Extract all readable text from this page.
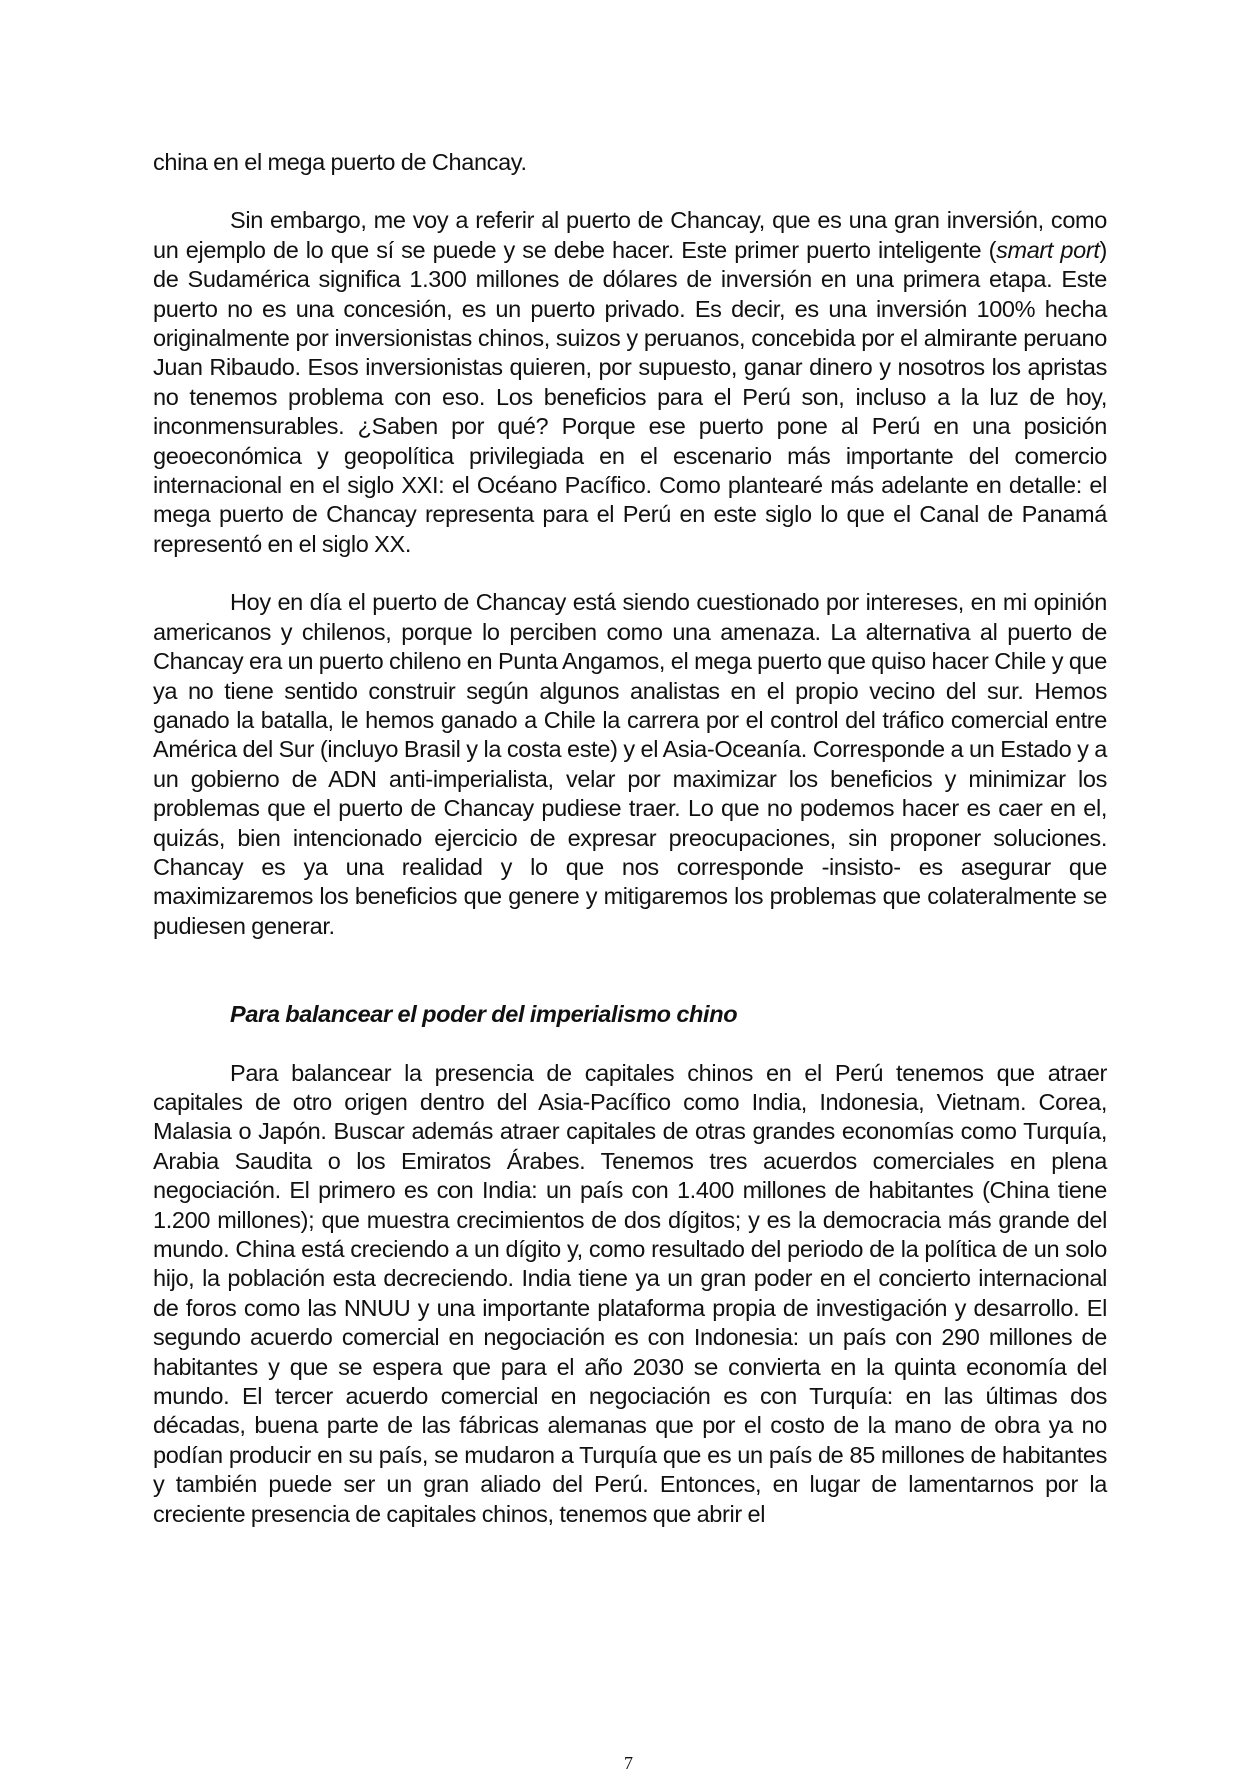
china en el mega puerto de Chancay.

Sin embargo, me voy a referir al puerto de Chancay, que es una gran inversión, como un ejemplo de lo que sí se puede y se debe hacer. Este primer puerto inteligente (smart port) de Sudamérica significa 1.300 millones de dólares de inversión en una primera etapa. Este puerto no es una concesión, es un puerto privado. Es decir, es una inversión 100% hecha originalmente por inversionistas chinos, suizos y peruanos, concebida por el almirante peruano Juan Ribaudo. Esos inversionistas quieren, por supuesto, ganar dinero y nosotros los apristas no tenemos problema con eso. Los beneficios para el Perú son, incluso a la luz de hoy, inconmensurables. ¿Saben por qué? Porque ese puerto pone al Perú en una posición geoeconómica y geopolítica privilegiada en el escenario más importante del comercio internacional en el siglo XXI: el Océano Pacífico. Como plantearé más adelante en detalle: el mega puerto de Chancay representa para el Perú en este siglo lo que el Canal de Panamá representó en el siglo XX.

Hoy en día el puerto de Chancay está siendo cuestionado por intereses, en mi opinión americanos y chilenos, porque lo perciben como una amenaza. La alternativa al puerto de Chancay era un puerto chileno en Punta Angamos, el mega puerto que quiso hacer Chile y que ya no tiene sentido construir según algunos analistas en el propio vecino del sur. Hemos ganado la batalla, le hemos ganado a Chile la carrera por el control del tráfico comercial entre América del Sur (incluyo Brasil y la costa este) y el Asia-Oceanía. Corresponde a un Estado y a un gobierno de ADN anti-imperialista, velar por maximizar los beneficios y minimizar los problemas que el puerto de Chancay pudiese traer. Lo que no podemos hacer es caer en el, quizás, bien intencionado ejercicio de expresar preocupaciones, sin proponer soluciones. Chancay es ya una realidad y lo que nos corresponde -insisto- es asegurar que maximizaremos los beneficios que genere y mitigaremos los problemas que colateralmente se pudiesen generar.

Para balancear el poder del imperialismo chino

Para balancear la presencia de capitales chinos en el Perú tenemos que atraer capitales de otro origen dentro del Asia-Pacífico como India, Indonesia, Vietnam. Corea, Malasia o Japón. Buscar además atraer capitales de otras grandes economías como Turquía, Arabia Saudita o los Emiratos Árabes. Tenemos tres acuerdos comerciales en plena negociación. El primero es con India: un país con 1.400 millones de habitantes (China tiene 1.200 millones); que muestra crecimientos de dos dígitos; y es la democracia más grande del mundo. China está creciendo a un dígito y, como resultado del periodo de la política de un solo hijo, la población esta decreciendo. India tiene ya un gran poder en el concierto internacional de foros como las NNUU y una importante plataforma propia de investigación y desarrollo. El segundo acuerdo comercial en negociación es con Indonesia: un país con 290 millones de habitantes y que se espera que para el año 2030 se convierta en la quinta economía del mundo. El tercer acuerdo comercial en negociación es con Turquía: en las últimas dos décadas, buena parte de las fábricas alemanas que por el costo de la mano de obra ya no podían producir en su país, se mudaron a Turquía que es un país de 85 millones de habitantes y también puede ser un gran aliado del Perú. Entonces, en lugar de lamentarnos por la creciente presencia de capitales chinos, tenemos que abrir el

7
